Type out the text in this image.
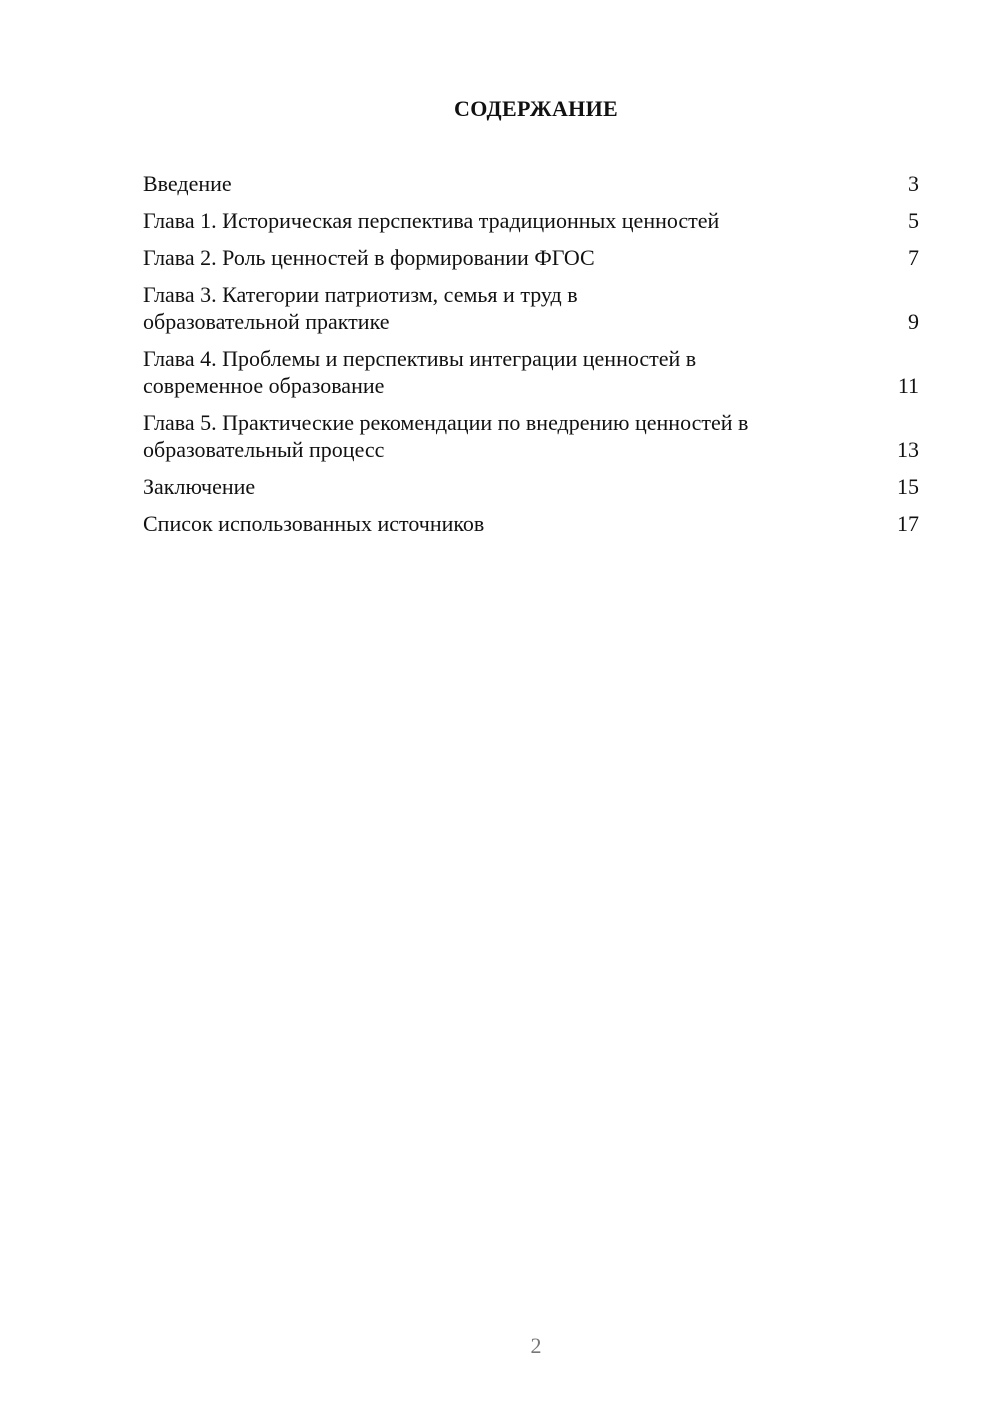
СОДЕРЖАНИЕ
Введение	3
Глава 1. Историческая перспектива традиционных ценностей	5
Глава 2. Роль ценностей в формировании ФГОС	7
Глава 3. Категории патриотизм, семья и труд в образовательной практике	9
Глава 4. Проблемы и перспективы интеграции ценностей в современное образование	11
Глава 5. Практические рекомендации по внедрению ценностей в образовательный процесс	13
Заключение	15
Список использованных источников	17
2
